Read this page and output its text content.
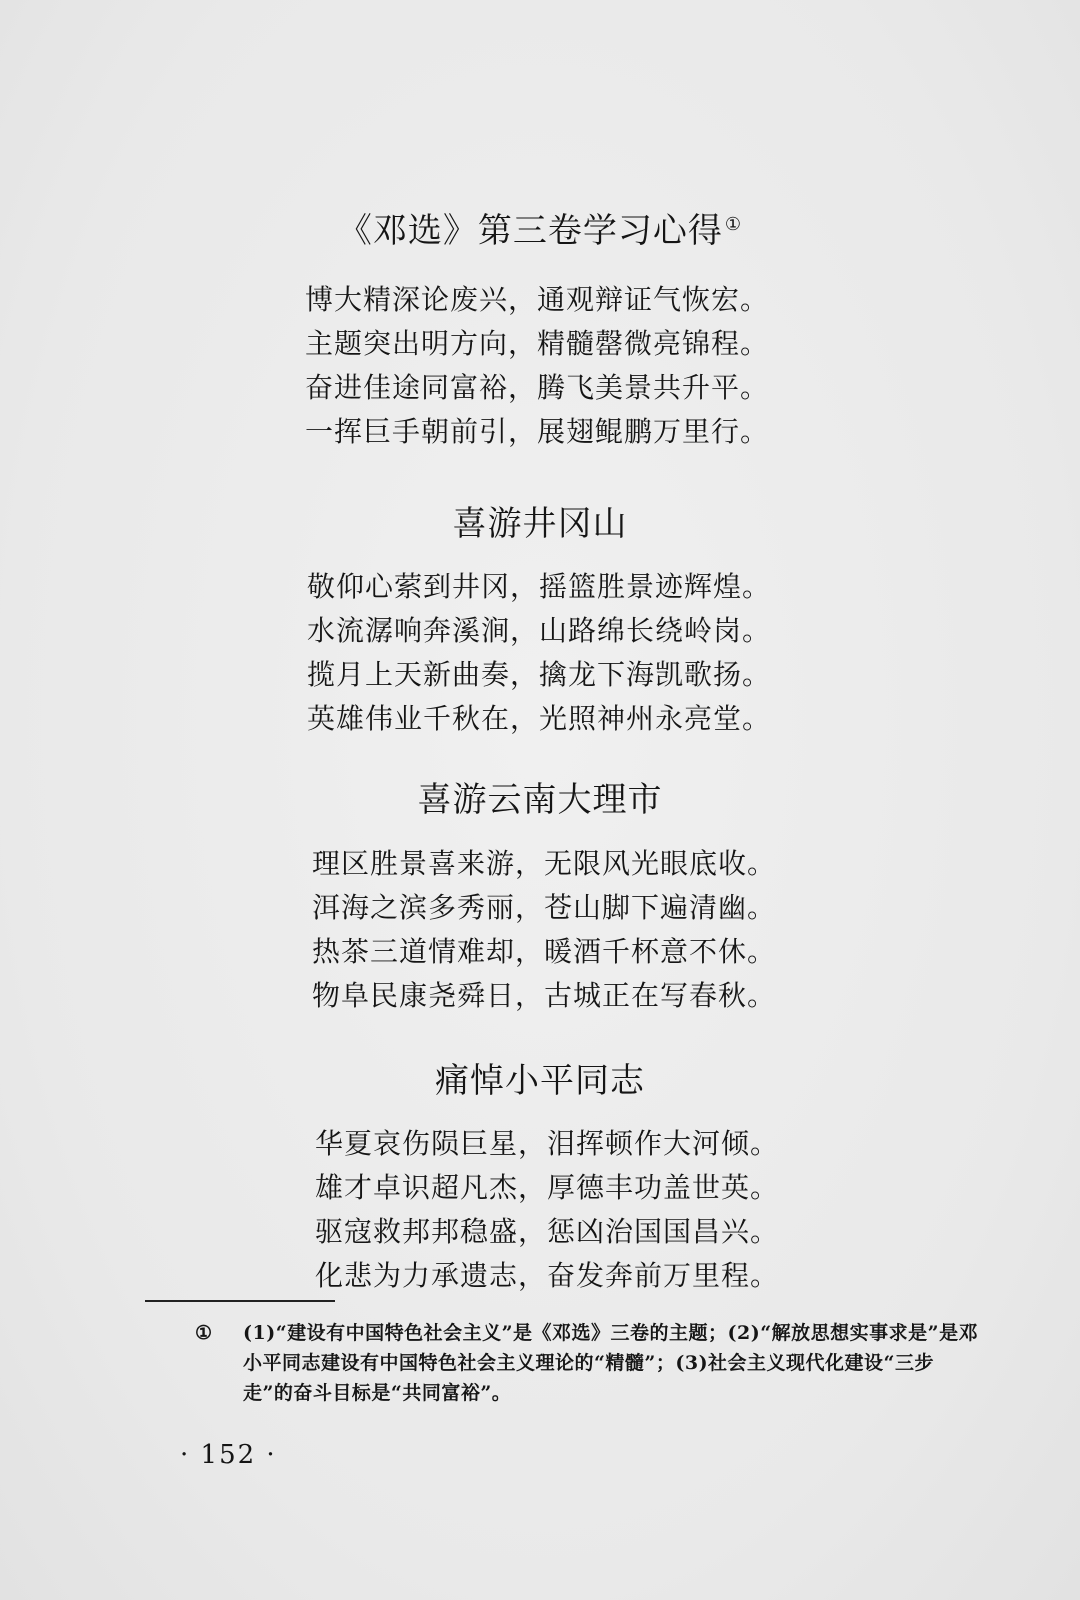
《邓选》第三卷学习心得 ①
博大精深论废兴，通观辩证气恢宏。
主题突出明方向，精髓罄微亮锦程。
奋进佳途同富裕，腾飞美景共升平。
一挥巨手朝前引，展翅鲲鹏万里行。
喜游井冈山
敬仰心萦到井冈，摇篮胜景迹辉煌。
水流潺响奔溪涧，山路绵长绕岭岗。
揽月上天新曲奏，擒龙下海凯歌扬。
英雄伟业千秋在，光照神州永亮堂。
喜游云南大理市
理区胜景喜来游，无限风光眼底收。
洱海之滨多秀丽，苍山脚下遍清幽。
热茶三道情难却，暖酒千杯意不休。
物阜民康尧舜日，古城正在写春秋。
痛悼小平同志
华夏哀伤陨巨星，泪挥顿作大河倾。
雄才卓识超凡杰，厚德丰功盖世英。
驱寇救邦邦稳盛，惩凶治国国昌兴。
化悲为力承遗志，奋发奔前万里程。
① (1)“建设有中国特色社会主义”是《邓选》三卷的主题；(2)“解放思想实事求是”是邓小平同志建设有中国特色社会主义理论的“精髓”；(3)社会主义现代化建设“三步走”的奋斗目标是“共同富裕”。
· 152 ·
